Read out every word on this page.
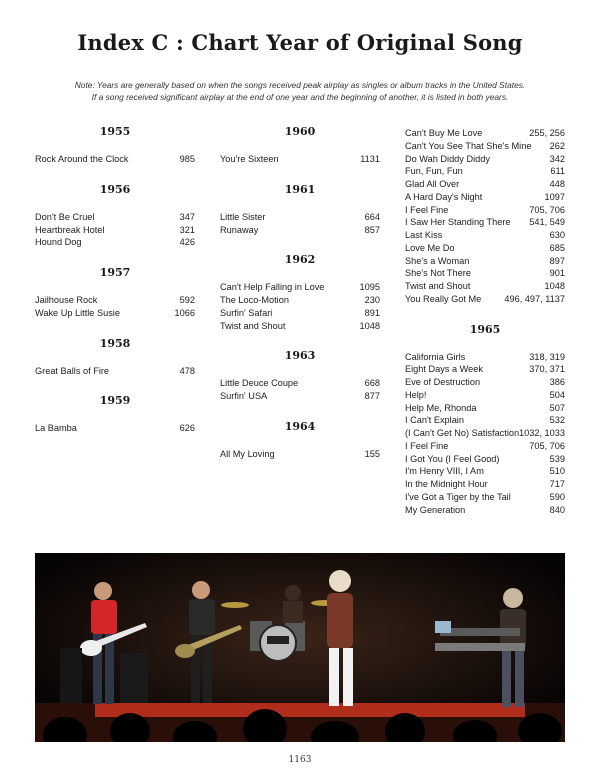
Index C : Chart Year of Original Song
Note: Years are generally based on when the songs received peak airplay as singles or album tracks in the United States.
If a song received significant airplay at the end of one year and the beginning of another, it is listed in both years.
1955
Rock Around the Clock	985
1956
Don't Be Cruel	347
Heartbreak Hotel	321
Hound Dog	426
1957
Jailhouse Rock	592
Wake Up Little Susie	1066
1958
Great Balls of Fire	478
1959
La Bamba	626
1960
You're Sixteen	1131
1961
Little Sister	664
Runaway	857
1962
Can't Help Falling in Love	1095
The Loco-Motion	230
Surfin' Safari	891
Twist and Shout	1048
1963
Little Deuce Coupe	668
Surfin' USA	877
1964
All My Loving	155
Can't Buy Me Love	255, 256
Can't You See That She's Mine 262
Do Wah Diddy Diddy	342
Fun, Fun, Fun	611
Glad All Over	448
A Hard Day's Night	1097
I Feel Fine	705, 706
I Saw Her Standing There 541, 549
Last Kiss	630
Love Me Do	685
She's a Woman	897
She's Not There	901
Twist and Shout	1048
You Really Got Me	496, 497, 1137
1965
California Girls	318, 319
Eight Days a Week	370, 371
Eve of Destruction	386
Help!	504
Help Me, Rhonda	507
I Can't Explain	532
(I Can't Get No) Satisfaction 1032, 1033
I Feel Fine	705, 706
I Got You (I Feel Good)	539
I'm Henry VIII, I Am	510
In the Midnight Hour	717
I've Got a Tiger by the Tail	590
My Generation	840
1163
